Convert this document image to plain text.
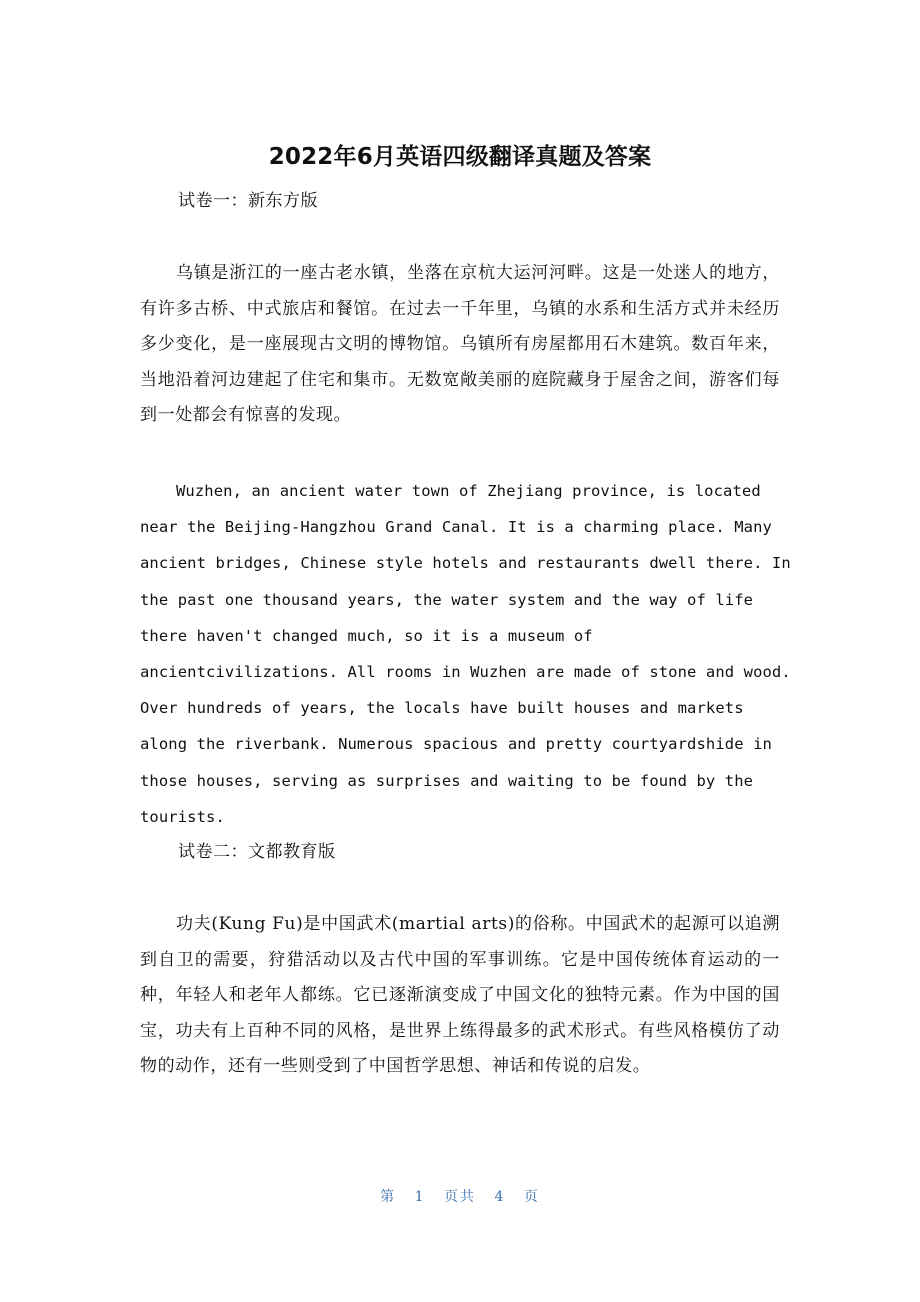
2022年6月英语四级翻译真题及答案
试卷一：新东方版

乌镇是浙江的一座古老水镇，坐落在京杭大运河河畔。这是一处迷人的地方，有许多古桥、中式旅店和餐馆。在过去一千年里，乌镇的水系和生活方式并未经历多少变化，是一座展现古文明的博物馆。乌镇所有房屋都用石木建筑。数百年来，当地沿着河边建起了住宅和集市。无数宽敞美丽的庭院藏身于屋舍之间，游客们每到一处都会有惊喜的发现。

Wuzhen, an ancient water town of Zhejiang province, is located
near the Beijing-Hangzhou Grand Canal. It is a charming place. Many
ancient bridges, Chinese style hotels and restaurants dwell there. In
the past one thousand years, the water system and the way of life
there haven't changed much, so it is a museum of
ancientcivilizations. All rooms in Wuzhen are made of stone and wood.
Over hundreds of years, the locals have built houses and markets
along the riverbank. Numerous spacious and pretty courtyardshide in
those houses, serving as surprises and waiting to be found by the
tourists.
试卷二：文都教育版

功夫(Kung Fu)是中国武术(martial arts)的俗称。中国武术的起源可以追溯到自卫的需要，狩猎活动以及古代中国的军事训练。它是中国传统体育运动的一种，年轻人和老年人都练。它已逐渐演变成了中国文化的独特元素。作为中国的国宝，功夫有上百种不同的风格，是世界上练得最多的武术形式。有些风格模仿了动物的动作，还有一些则受到了中国哲学思想、神话和传说的启发。

第 1 页共 4 页
